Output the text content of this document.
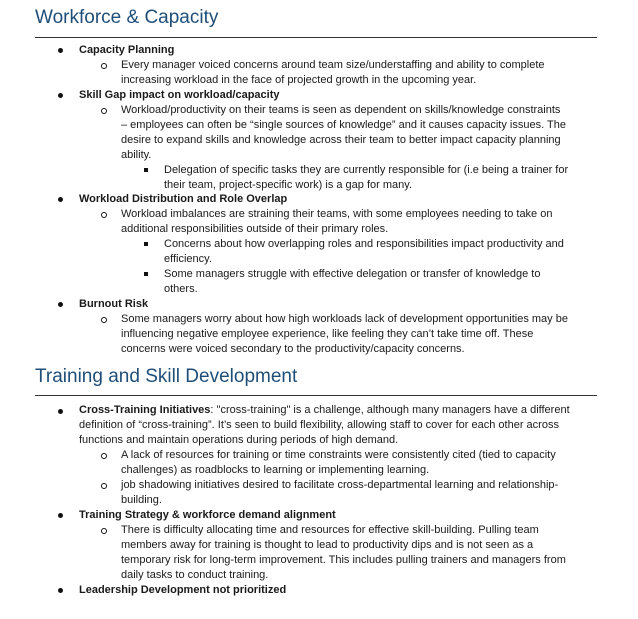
Workforce & Capacity

Capacity Planning

Every manager voiced concerns around team size/understaffing and ability to complete

increasing workload in the face of projected growth in the upcoming year.

Skill Gap impact on workload/capacity

Workload/productivity on their teams is seen as dependent on skills/knowledge constraints

– employees can often be “single sources of knowledge” and it causes capacity issues. The

desire to expand skills and knowledge across their team to better impact capacity planning

ability.

Delegation of specific tasks they are currently responsible for (i.e being a trainer for

their team, project-specific work) is a gap for many.

Workload Distribution and Role Overlap

Workload imbalances are straining their teams, with some employees needing to take on

additional responsibilities outside of their primary roles.

Concerns about how overlapping roles and responsibilities impact productivity and

efficiency.

Some managers struggle with effective delegation or transfer of knowledge to

others.

Burnout Risk

Some managers worry about how high workloads lack of development opportunities may be

influencing negative employee experience, like feeling they can’t take time off. These

concerns were voiced secondary to the productivity/capacity concerns.

Training and Skill Development

Cross-Training Initiatives: "cross-training" is a challenge, although many managers have a different

definition of “cross-training”. It’s seen to build flexibility, allowing staff to cover for each other across

functions and maintain operations during periods of high demand.

A lack of resources for training or time constraints were consistently cited (tied to capacity

challenges) as roadblocks to learning or implementing learning.

job shadowing initiatives desired to facilitate cross-departmental learning and relationship-

building.

Training Strategy & workforce demand alignment

There is difficulty allocating time and resources for effective skill-building. Pulling team

members away for training is thought to lead to productivity dips and is not seen as a

temporary risk for long-term improvement. This includes pulling trainers and managers from

daily tasks to conduct training.

Leadership Development not prioritized
